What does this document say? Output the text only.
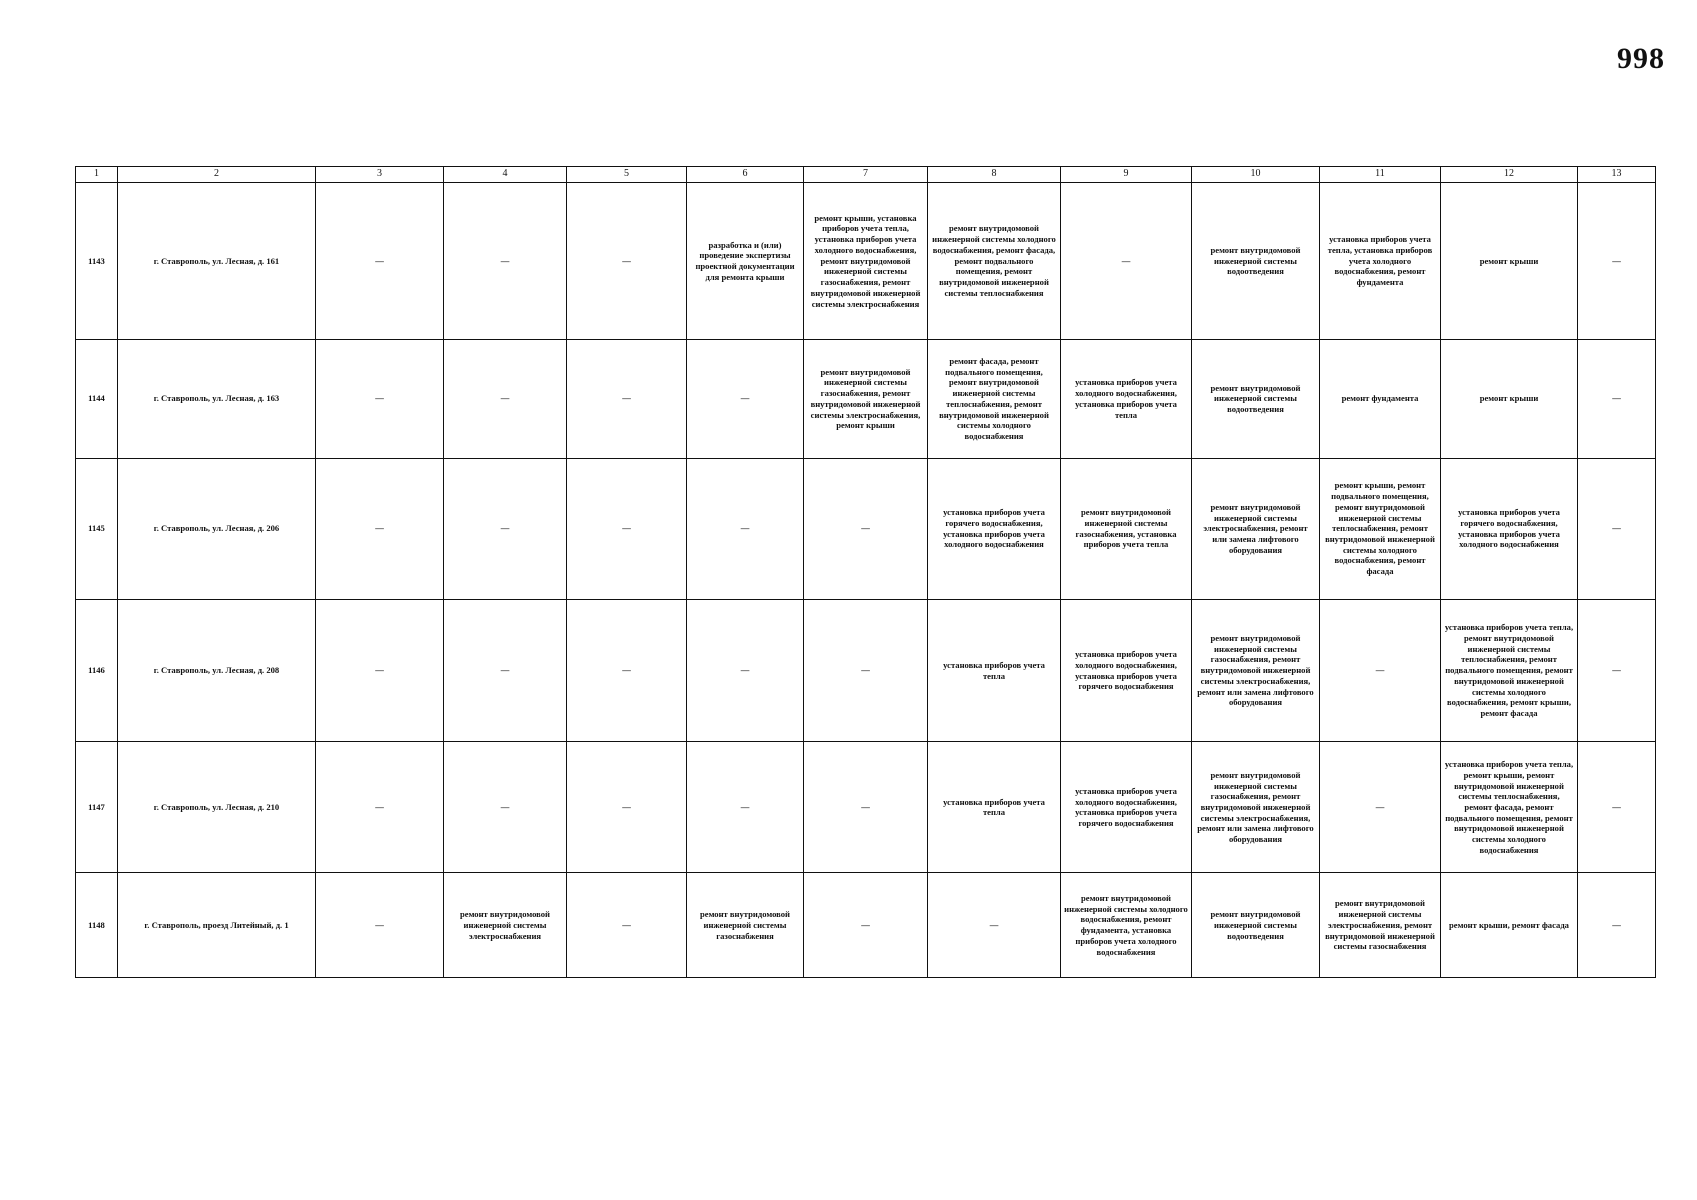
998
1	2	3	4	5	6	7	8	9	10	11	12	13
1143	г. Ставрополь, ул. Лесная, д. 161	—	—	—	разработка и (или) проведение экспертизы проектной документации для ремонта крыши	ремонт крыши, установка приборов учета тепла, установка приборов учета холодного водоснабжения, ремонт внутридомовой инженерной системы газоснабжения, ремонт внутридомовой инженерной системы электроснабжения	ремонт внутридомовой инженерной системы холодного водоснабжения, ремонт фасада, ремонт подвального помещения, ремонт внутридомовой инженерной системы теплоснабжения	—	ремонт внутридомовой инженерной системы водоотведения	установка приборов учета тепла, установка приборов учета холодного водоснабжения, ремонт фундамента	ремонт крыши	—
1144	г. Ставрополь, ул. Лесная, д. 163	—	—	—	—	ремонт внутридомовой инженерной системы газоснабжения, ремонт внутридомовой инженерной системы электроснабжения, ремонт крыши	ремонт фасада, ремонт подвального помещения, ремонт внутридомовой инженерной системы теплоснабжения, ремонт внутридомовой инженерной системы холодного водоснабжения	установка приборов учета холодного водоснабжения, установка приборов учета тепла	ремонт внутридомовой инженерной системы водоотведения	ремонт фундамента	ремонт крыши	—
1145	г. Ставрополь, ул. Лесная, д. 206	—	—	—	—	—	установка приборов учета горячего водоснабжения, установка приборов учета холодного водоснабжения	ремонт внутридомовой инженерной системы газоснабжения, установка приборов учета тепла	ремонт внутридомовой инженерной системы электроснабжения, ремонт или замена лифтового оборудования	ремонт крыши, ремонт подвального помещения, ремонт внутридомовой инженерной системы теплоснабжения, ремонт внутридомовой инженерной системы холодного водоснабжения, ремонт фасада	установка приборов учета горячего водоснабжения, установка приборов учета холодного водоснабжения	—
1146	г. Ставрополь, ул. Лесная, д. 208	—	—	—	—	—	установка приборов учета тепла	установка приборов учета холодного водоснабжения, установка приборов учета горячего водоснабжения	ремонт внутридомовой инженерной системы газоснабжения, ремонт внутридомовой инженерной системы электроснабжения, ремонт или замена лифтового оборудования	—	установка приборов учета тепла, ремонт внутридомовой инженерной системы теплоснабжения, ремонт подвального помещения, ремонт внутридомовой инженерной системы холодного водоснабжения, ремонт крыши, ремонт фасада	—
1147	г. Ставрополь, ул. Лесная, д. 210	—	—	—	—	—	установка приборов учета тепла	установка приборов учета холодного водоснабжения, установка приборов учета горячего водоснабжения	ремонт внутридомовой инженерной системы газоснабжения, ремонт внутридомовой инженерной системы электроснабжения, ремонт или замена лифтового оборудования	—	установка приборов учета тепла, ремонт крыши, ремонт внутридомовой инженерной системы теплоснабжения, ремонт фасада, ремонт подвального помещения, ремонт внутридомовой инженерной системы холодного водоснабжения	—
1148	г. Ставрополь, проезд Литейный, д. 1	—	ремонт внутридомовой инженерной системы электроснабжения	—	ремонт внутридомовой инженерной системы газоснабжения	—	—	ремонт внутридомовой инженерной системы холодного водоснабжения, ремонт фундамента, установка приборов учета холодного водоснабжения	ремонт внутридомовой инженерной системы водоотведения	ремонт внутридомовой инженерной системы электроснабжения, ремонт внутридомовой инженерной системы газоснабжения	ремонт крыши, ремонт фасада	—
